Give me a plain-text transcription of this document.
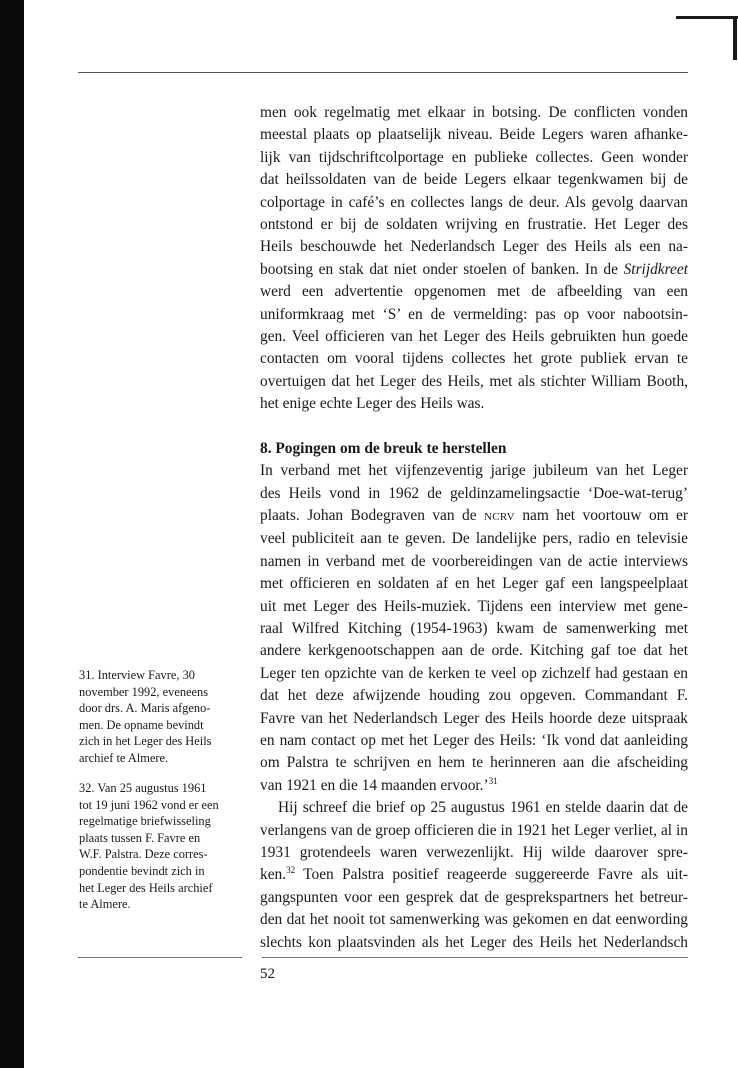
men ook regelmatig met elkaar in botsing. De conflicten vonden
meestal plaats op plaatselijk niveau. Beide Legers waren afhanke-
lijk van tijdschriftcolportage en publieke collectes. Geen wonder
dat heilssoldaten van de beide Legers elkaar tegenkwamen bij de
colportage in café’s en collectes langs de deur. Als gevolg daarvan
ontstond er bij de soldaten wrijving en frustratie. Het Leger des
Heils beschouwde het Nederlandsch Leger des Heils als een na-
bootsing en stak dat niet onder stoelen of banken. In de Strijdkreet
werd een advertentie opgenomen met de afbeelding van een
uniformkraag met ‘S’ en de vermelding: pas op voor nabootsin-
gen. Veel officieren van het Leger des Heils gebruikten hun goede
contacten om vooral tijdens collectes het grote publiek ervan te
overtuigen dat het Leger des Heils, met als stichter William Booth,
het enige echte Leger des Heils was.

8. Pogingen om de breuk te herstellen

In verband met het vijfenzeventig jarige jubileum van het Leger
des Heils vond in 1962 de geldinzamelingsactie ‘Doe-wat-terug’
plaats. Johan Bodegraven van de NCRV nam het voortouw om er
veel publiciteit aan te geven. De landelijke pers, radio en televisie
namen in verband met de voorbereidingen van de actie interviews
met officieren en soldaten af en het Leger gaf een langspeelplaat
uit met Leger des Heils-muziek. Tijdens een interview met gene-
raal Wilfred Kitching (1954-1963) kwam de samenwerking met
andere kerkgenootschappen aan de orde. Kitching gaf toe dat het
Leger ten opzichte van de kerken te veel op zichzelf had gestaan en
dat het deze afwijzende houding zou opgeven. Commandant F.
Favre van het Nederlandsch Leger des Heils hoorde deze uitspraak
en nam contact op met het Leger des Heils: ‘Ik vond dat aanleiding
om Palstra te schrijven en hem te herinneren aan die afscheiding
van 1921 en die 14 maanden ervoor.’$^{31}$

Hij schreef die brief op 25 augustus 1961 en stelde daarin dat de
verlangens van de groep officieren die in 1921 het Leger verliet, al in
1931 grotendeels waren verwezenlijkt. Hij wilde daarover spre-
ken.$^{32}$ Toen Palstra positief reageerde suggereerde Favre als uit-
gangspunten voor een gesprek dat de gesprekspartners het betreur-
den dat het nooit tot samenwerking was gekomen en dat eenwording
slechts kon plaatsvinden als het Leger des Heils het Nederlandsch

31. Interview Favre, 30
november 1992, eveneens
door drs. A. Maris afgeno-
men. De opname bevindt
zich in het Leger des Heils
archief te Almere.
32. Van 25 augustus 1961
tot 19 juni 1962 vond er een
regelmatige briefwisseling
plaats tussen F. Favre en
W.F. Palstra. Deze corres-
pondentie bevindt zich in
het Leger des Heils archief
te Almere.
52
